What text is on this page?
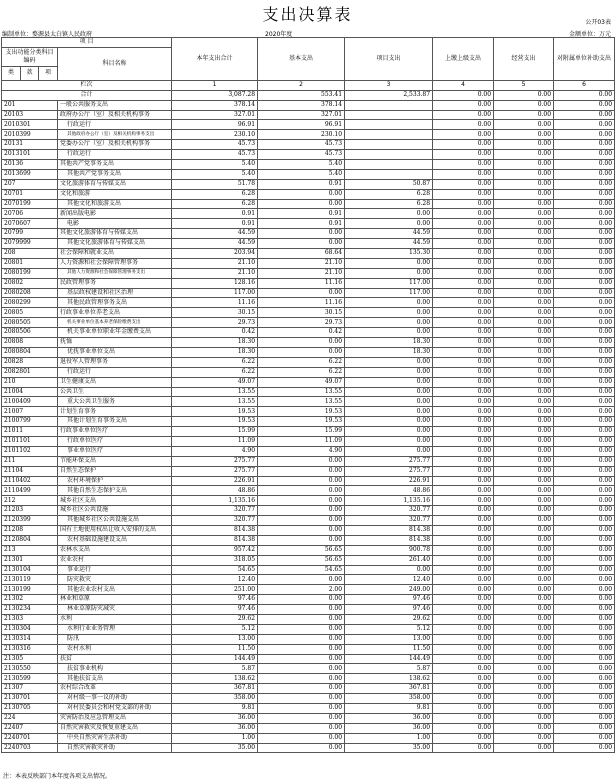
支出决算表	公开03表
编制单位：婺源县太白镇人民政府	2020年度	金额单位：万元
项 目				本年支出合计	基本支出	项目支出	上缴上级支出	经营支出	对附属单位补助支出
支出功能分类科目编码			科目名称						
类	款	项							
栏次				1	2	3	4	5	6
合计				3,087.28	553.41	2,533.87	0.00	0.00	0.00
201			一般公共服务支出	378.14	378.14		0.00	0.00	0.00
20103			政府办公厅（室）及相关机构事务	327.01	327.01		0.00	0.00	0.00
2010301			行政运行	96.91	96.91		0.00	0.00	0.00
2010399			其他政府办公厅（室）及相关机构事务支出	230.10	230.10		0.00	0.00	0.00
20131			党委办公厅（室）及相关机构事务	45.73	45.73		0.00	0.00	0.00
2013101			行政运行	45.73	45.73		0.00	0.00	0.00
20136			其他共产党事务支出	5.40	5.40		0.00	0.00	0.00
2013699			其他共产党事务支出	5.40	5.40		0.00	0.00	0.00
207			文化旅游体育与传媒支出	51.78	0.91	50.87	0.00	0.00	0.00
20701			文化和旅游	6.28	0.00	6.28	0.00	0.00	0.00
2070199			其他文化和旅游支出	6.28	0.00	6.28	0.00	0.00	0.00
20706			新闻出版电影	0.91	0.91	0.00	0.00	0.00	0.00
2070607			电影	0.91	0.91	0.00	0.00	0.00	0.00
20799			其他文化旅游体育与传媒支出	44.59	0.00	44.59	0.00	0.00	0.00
2079999			其他文化旅游体育与传媒支出	44.59	0.00	44.59	0.00	0.00	0.00
208			社会保障和就业支出	203.94	68.64	135.30	0.00	0.00	0.00
20801			人力资源和社会保障管理事务	21.10	21.10	0.00	0.00	0.00	0.00
2080199			其他人力资源和社会保障管理事务支出	21.10	21.10	0.00	0.00	0.00	0.00
20802			民政管理事务	128.16	11.16	117.00	0.00	0.00	0.00
2080208			基层政权建设和社区治理	117.00	0.00	117.00	0.00	0.00	0.00
2080299			其他民政管理事务支出	11.16	11.16	0.00	0.00	0.00	0.00
20805			行政事业单位养老支出	30.15	30.15	0.00	0.00	0.00	0.00
2080505			机关事业单位基本养老保险缴费支出	29.73	29.73	0.00	0.00	0.00	0.00
2080506			机关事业单位职业年金缴费支出	0.42	0.42	0.00	0.00	0.00	0.00
20808			抚恤	18.30	0.00	18.30	0.00	0.00	0.00
2080804			优抚事业单位支出	18.30	0.00	18.30	0.00	0.00	0.00
20828			退役军人管理事务	6.22	6.22	0.00	0.00	0.00	0.00
2082801			行政运行	6.22	6.22	0.00	0.00	0.00	0.00
210			卫生健康支出	49.07	49.07	0.00	0.00	0.00	0.00
21004			公共卫生	13.55	13.55	0.00	0.00	0.00	0.00
2100409			重大公共卫生服务	13.55	13.55	0.00	0.00	0.00	0.00
21007			计划生育事务	19.53	19.53	0.00	0.00	0.00	0.00
2100799			其他计划生育事务支出	19.53	19.53	0.00	0.00	0.00	0.00
21011			行政事业单位医疗	15.99	15.99	0.00	0.00	0.00	0.00
2101101			行政单位医疗	11.09	11.09	0.00	0.00	0.00	0.00
2101102			事业单位医疗	4.90	4.90	0.00	0.00	0.00	0.00
211			节能环保支出	275.77	0.00	275.77	0.00	0.00	0.00
21104			自然生态保护	275.77	0.00	275.77	0.00	0.00	0.00
2110402			农村环境保护	226.91	0.00	226.91	0.00	0.00	0.00
2110499			其他自然生态保护支出	48.86	0.00	48.86	0.00	0.00	0.00
212			城乡社区支出	1,135.16	0.00	1,135.16	0.00	0.00	0.00
21203			城乡社区公共设施	320.77	0.00	320.77	0.00	0.00	0.00
2120399			其他城乡社区公共设施支出	320.77	0.00	320.77	0.00	0.00	0.00
21208			国有土地使用权出让收入安排的支出	814.38	0.00	814.38	0.00	0.00	0.00
2120804			农村基础设施建设支出	814.38	0.00	814.38	0.00	0.00	0.00
213			农林水支出	957.42	56.65	900.78	0.00	0.00	0.00
21301			农业农村	318.05	56.65	261.40	0.00	0.00	0.00
2130104			事业运行	54.65	54.65	0.00	0.00	0.00	0.00
2130119			防灾救灾	12.40	0.00	12.40	0.00	0.00	0.00
2130199			其他农业农村支出	251.00	2.00	249.00	0.00	0.00	0.00
21302			林业和草原	97.46	0.00	97.46	0.00	0.00	0.00
2130234			林业草原防灾减灾	97.46	0.00	97.46	0.00	0.00	0.00
21303			水利	29.62	0.00	29.62	0.00	0.00	0.00
2130304			水利行业业务管理	5.12	0.00	5.12	0.00	0.00	0.00
2130314			防汛	13.00	0.00	13.00	0.00	0.00	0.00
2130316			农村水利	11.50	0.00	11.50	0.00	0.00	0.00
21305			扶贫	144.49	0.00	144.49	0.00	0.00	0.00
2130550			扶贫事业机构	5.87	0.00	5.87	0.00	0.00	0.00
2130599			其他扶贫支出	138.62	0.00	138.62	0.00	0.00	0.00
21307			农村综合改革	367.81	0.00	367.81	0.00	0.00	0.00
2130701			对村级一事一议的补助	358.00	0.00	358.00	0.00	0.00	0.00
2130705			对村民委员会和村党支部的补助	9.81	0.00	9.81	0.00	0.00	0.00
224			灾害防治及应急管理支出	36.00	0.00	36.00	0.00	0.00	0.00
22407			自然灾害救灾及恢复重建支出	36.00	0.00	36.00	0.00	0.00	0.00
2240701			中央自然灾害生活补助	1.00	0.00	1.00	0.00	0.00	0.00
2240703			自然灾害救灾补助	35.00	0.00	35.00	0.00	0.00	0.00
注：本表反映部门本年度各项支出情况。
